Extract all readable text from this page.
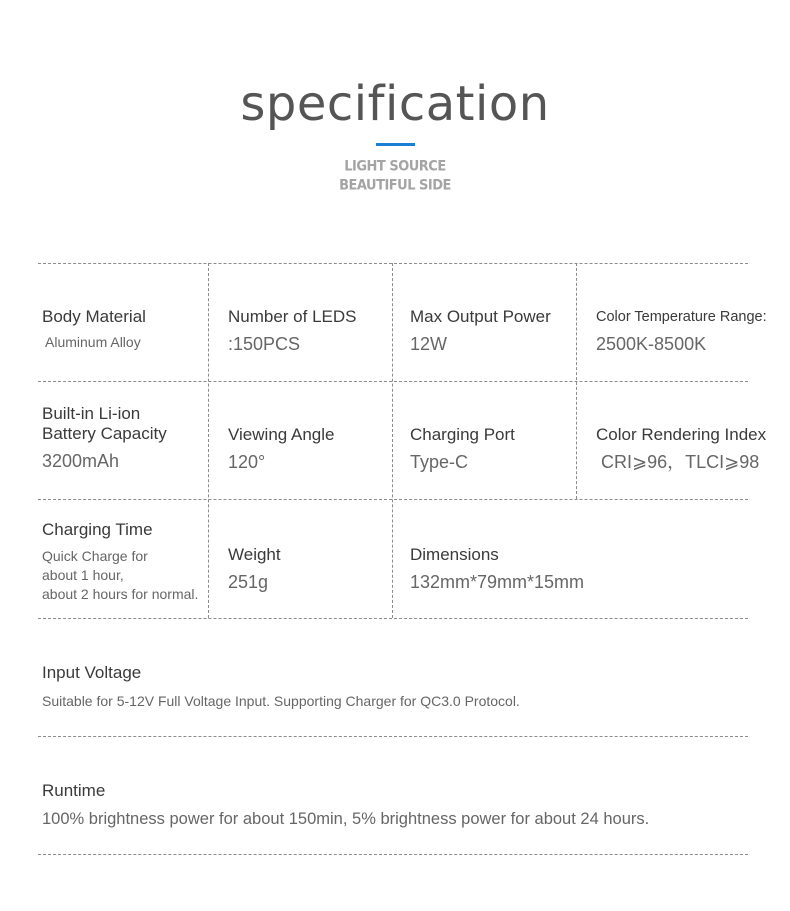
specification
LIGHT SOURCE
BEAUTIFUL SIDE
Body Material
Aluminum Alloy
Number of LEDS
:150PCS
Max Output Power
12W
Color Temperature Range:
2500K-8500K
Built-in Li-ion
Battery Capacity
3200mAh
Viewing Angle
120°
Charging Port
Type-C
Color Rendering Index
CRI⩾96，TLCI⩾98
Charging Time
Quick Charge for
about 1 hour,
about 2 hours for normal.
Weight
251g
Dimensions
132mm*79mm*15mm
Input Voltage
Suitable for 5-12V Full Voltage Input. Supporting Charger for QC3.0 Protocol.
Runtime
100% brightness power for about 150min, 5% brightness power for about 24 hours.
